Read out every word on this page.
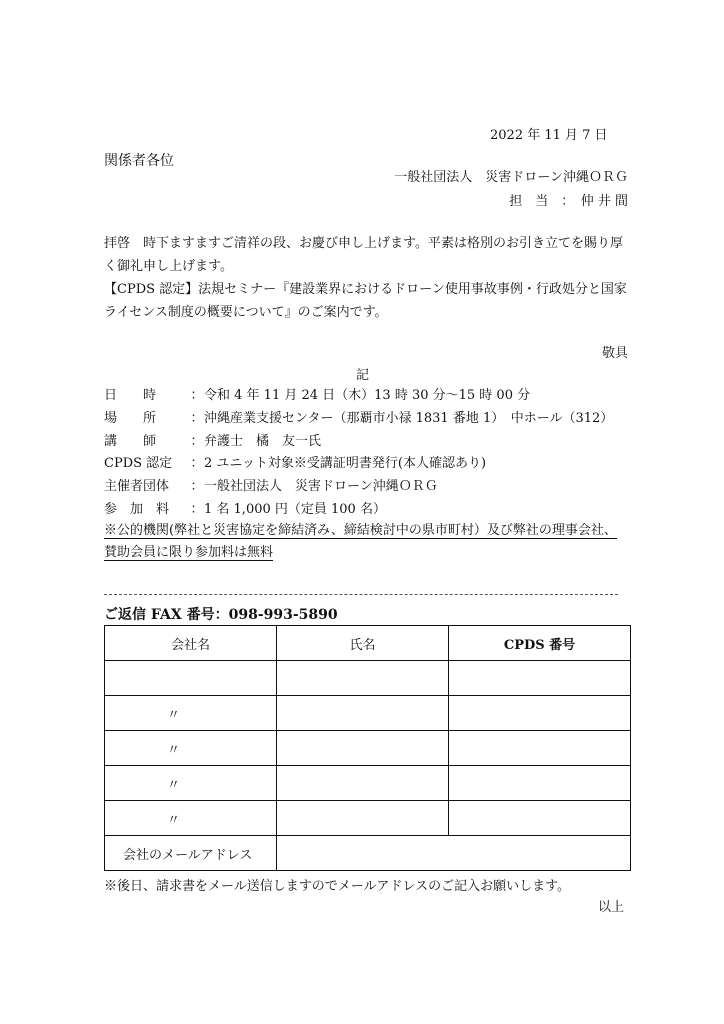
2022 年 11 月 7 日
関係者各位
一般社団法人　災害ドローン沖縄ＯＲＧ
担　当　：　仲 井 間
拝啓　時下ますますご清祥の段、お慶び申し上げます。平素は格別のお引き立てを賜り厚く御礼申し上げます。
【CPDS 認定】法規セミナー『建設業界におけるドローン使用事故事例・行政処分と国家ライセンス制度の概要について』のご案内です。
敬具
記
日　　時	： 令和 4 年 11 月 24 日（木）13 時 30 分～15 時 00 分
場　　所	： 沖縄産業支援センター（那覇市小禄 1831 番地 1）　中ホール（312）
講　　師	： 弁護士　橘　友一氏
CPDS 認定	： 2 ユニット対象※受講証明書発行(本人確認あり)
主催者団体	： 一般社団法人　災害ドローン沖縄ＯＲＧ
参　加　料	： 1 名 1,000 円（定員 100 名）
※公的機関(弊社と災害協定を締結済み、締結検討中の県市町村）及び弊社の理事会社、
賛助会員に限り参加料は無料
ご返信 FAX 番号：098-993-5890
会社名	氏名	CPDS 番号

〃		
〃		
〃		
〃		
会社のメールアドレス		
※後日、請求書をメール送信しますのでメールアドレスのご記入お願いします。
以上
